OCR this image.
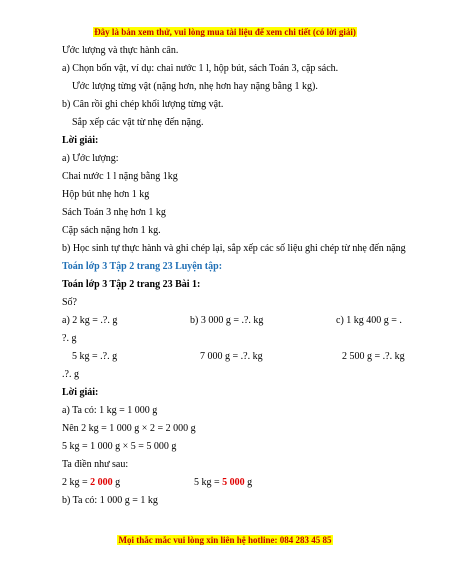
Đây là bản xem thử, vui lòng mua tài liệu để xem chi tiết (có lời giải)
Ước lượng và thực hành cân.
a) Chọn bốn vật, ví dụ: chai nước 1 l, hộp bút, sách Toán 3, cặp sách.
Ước lượng từng vật (nặng hơn, nhẹ hơn hay nặng bằng 1 kg).
b) Cân rồi ghi chép khối lượng từng vật.
Sắp xếp các vật từ nhẹ đến nặng.
Lời giải:
a) Ước lượng:
Chai nước 1 l nặng bằng 1kg
Hộp bút nhẹ hơn 1 kg
Sách Toán 3 nhẹ hơn 1 kg
Cặp sách nặng hơn 1 kg.
b) Học sinh tự thực hành và ghi chép lại, sắp xếp các số liệu ghi chép từ nhẹ đến nặng
Toán lớp 3 Tập 2 trang 23 Luyện tập:
Toán lớp 3 Tập 2 trang 23 Bài 1:
Số?
a) 2 kg = .?. g	b) 3 000 g = .?. kg	c) 1 kg 400 g = .
?. g
5 kg = .?. g	7 000 g = .?. kg	2 500 g = .?. kg
.?. g
Lời giải:
a) Ta có: 1 kg = 1 000 g
Nên 2 kg = 1 000 g × 2 = 2 000 g
5 kg = 1 000 g × 5 = 5 000 g
Ta điền như sau:
2 kg = 2 000 g	5 kg = 5 000 g
b) Ta có: 1 000 g = 1 kg
Mọi thắc mắc vui lòng xin liên hệ hotline: 084 283 45 85
